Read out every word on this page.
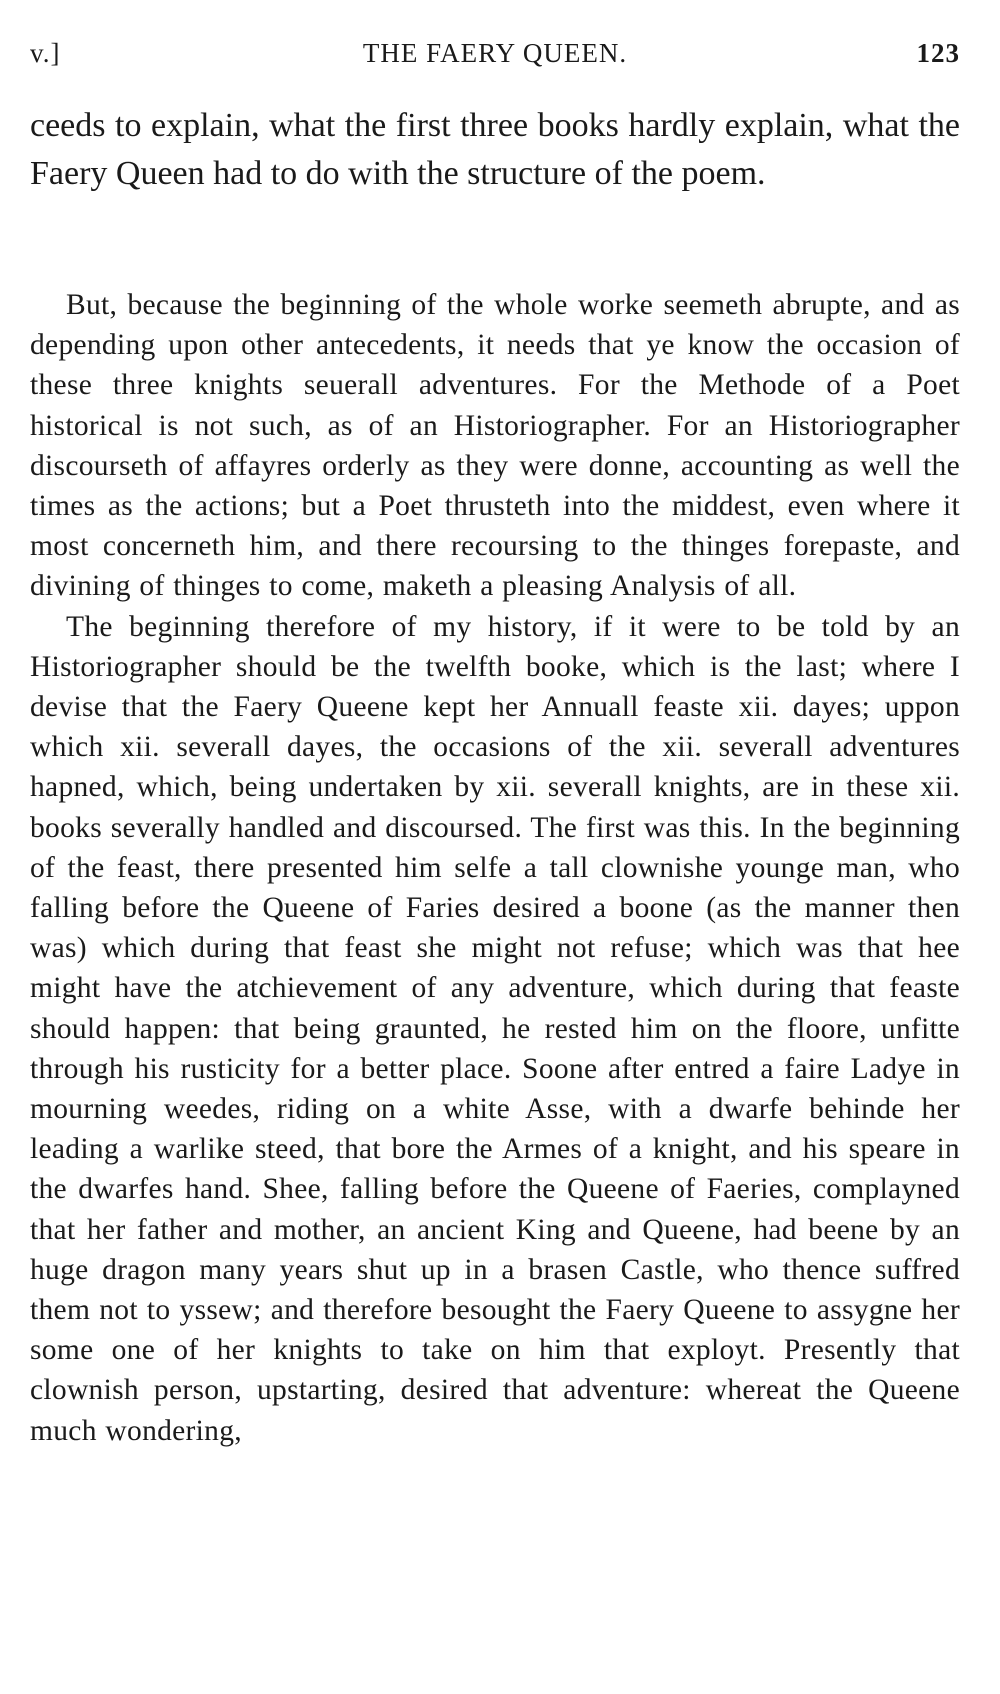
v.]	THE FAERY QUEEN.	123

ceeds to explain, what the first three books hardly explain, what the Faery Queen had to do with the structure of the poem.

But, because the beginning of the whole worke seemeth abrupte, and as depending upon other antecedents, it needs that ye know the occasion of these three knights seuerall adventures. For the Methode of a Poet historical is not such, as of an Historiographer. For an Historiographer discourseth of affayres orderly as they were donne, accounting as well the times as the actions; but a Poet thrusteth into the middest, even where it most concerneth him, and there recoursing to the thinges forepaste, and divining of thinges to come, maketh a pleasing Analysis of all.

The beginning therefore of my history, if it were to be told by an Historiographer should be the twelfth booke, which is the last; where I devise that the Faery Queene kept her Annuall feaste xii. dayes; uppon which xii. severall dayes, the occasions of the xii. severall adventures hapned, which, being undertaken by xii. severall knights, are in these xii. books severally handled and discoursed. The first was this. In the beginning of the feast, there presented him selfe a tall clownishe younge man, who falling before the Queene of Faries desired a boone (as the manner then was) which during that feast she might not refuse; which was that hee might have the atchievement of any adventure, which during that feaste should happen: that being graunted, he rested him on the floore, unfitte through his rusticity for a better place. Soone after entred a faire Ladye in mourning weedes, riding on a white Asse, with a dwarfe behinde her leading a warlike steed, that bore the Armes of a knight, and his speare in the dwarfes hand. Shee, falling before the Queene of Faeries, complayned that her father and mother, an ancient King and Queene, had beene by an huge dragon many years shut up in a brasen Castle, who thence suffred them not to yssew; and therefore besought the Faery Queene to assygne her some one of her knights to take on him that exployt. Presently that clownish person, upstarting, desired that adventure: whereat the Queene much wondering,
